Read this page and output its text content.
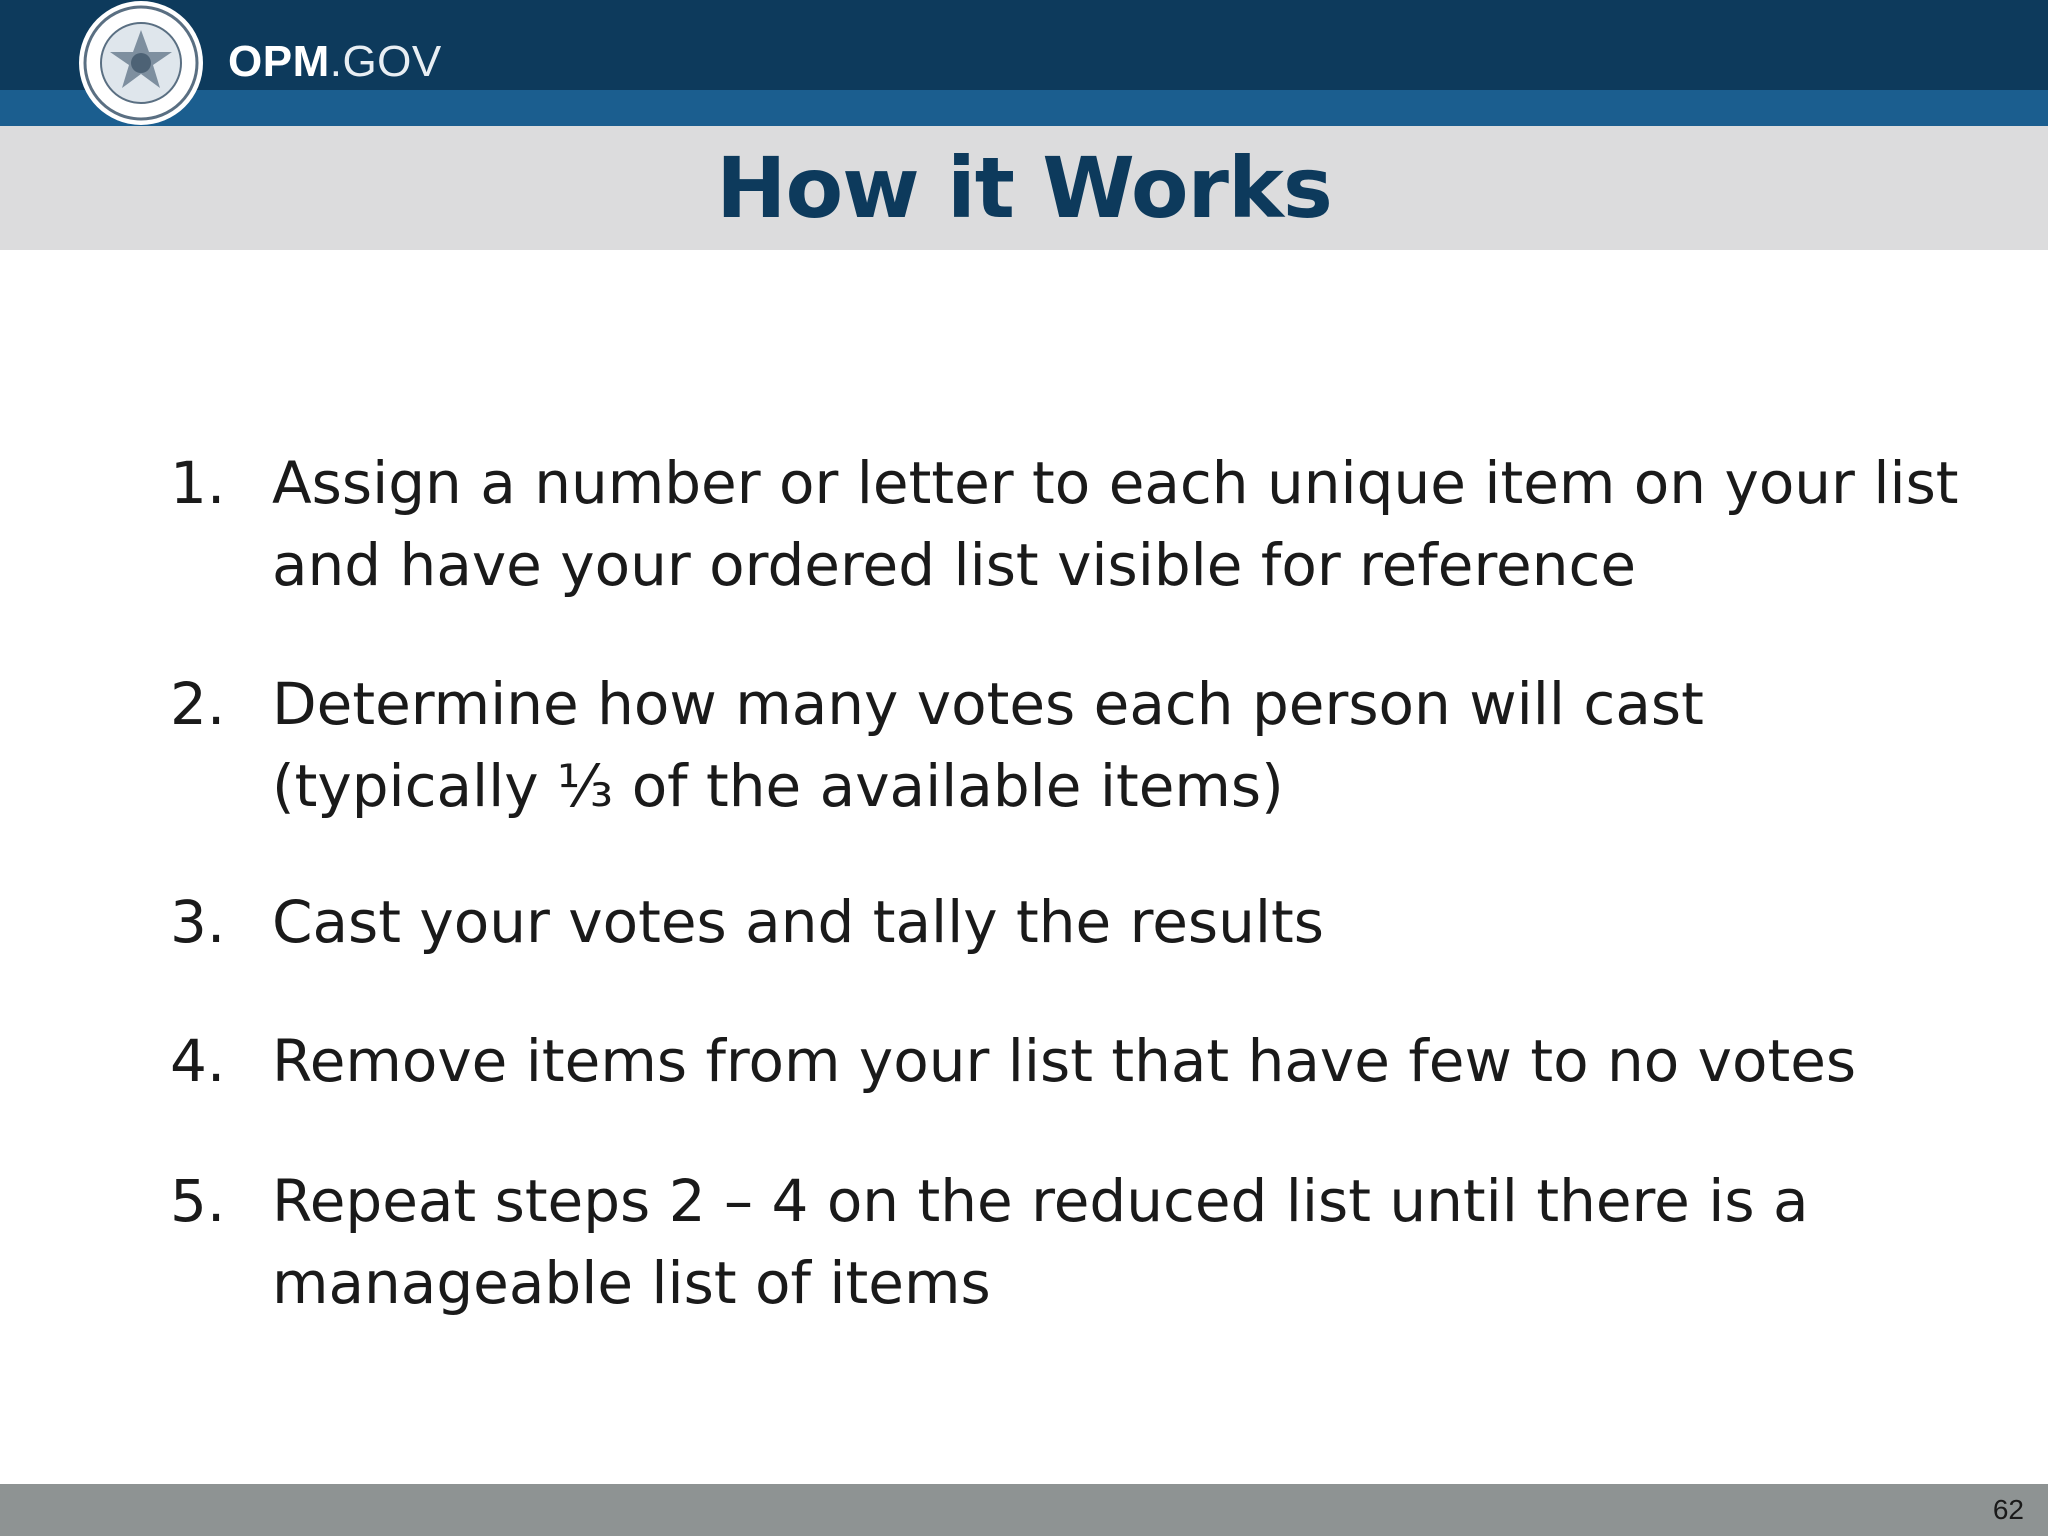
OPM.GOV
How it Works
1. Assign a number or letter to each unique item on your list and have your ordered list visible for reference
2. Determine how many votes each person will cast (typically ⅓ of the available items)
3. Cast your votes and tally the results
4. Remove items from your list that have few to no votes
5. Repeat steps 2 – 4 on the reduced list until there is a manageable list of items
62
